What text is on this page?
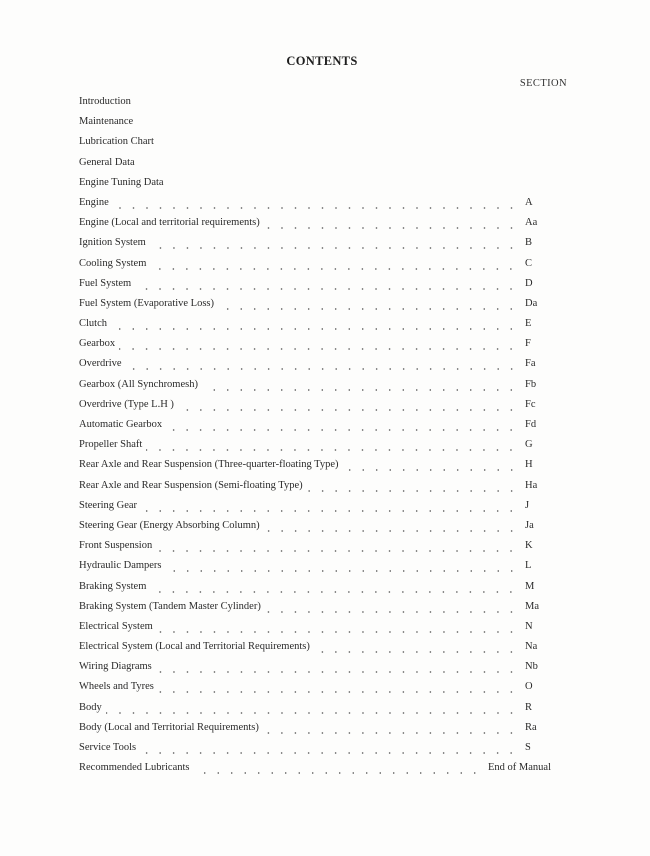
CONTENTS
SECTION
Introduction
Maintenance
Lubrication Chart
General Data
Engine Tuning Data
Engine	A
Engine (Local and territorial requirements)	Aa
Ignition System	B
Cooling System	C
Fuel System	D
Fuel System (Evaporative Loss)	Da
Clutch	E
Gearbox	F
Overdrive	Fa
Gearbox (All Synchromesh)	Fb
Overdrive (Type L.H )	Fc
Automatic Gearbox	Fd
Propeller Shaft	G
Rear Axle and Rear Suspension (Three-quarter-floating Type)	H
Rear Axle and Rear Suspension (Semi-floating Type)	Ha
Steering Gear	J
Steering Gear (Energy Absorbing Column)	Ja
Front Suspension	K
Hydraulic Dampers	L
Braking System	M
Braking System (Tandem Master Cylinder)	Ma
Electrical System	N
Electrical System (Local and Territorial Requirements)	Na
Wiring Diagrams	Nb
Wheels and Tyres	O
Body	R
Body (Local and Territorial Requirements)	Ra
Service Tools	S
Recommended Lubricants	End of Manual
